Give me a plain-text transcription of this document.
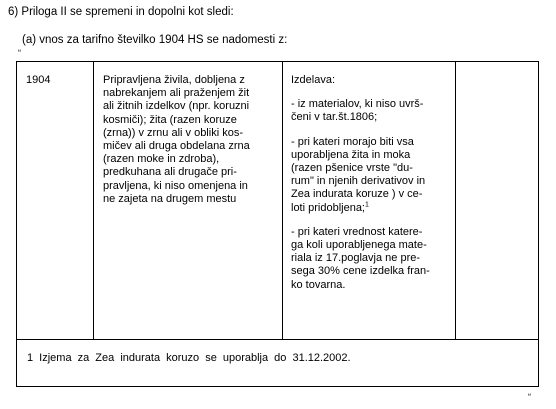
6) Priloga II se spremeni in dopolni kot sledi:
(a) vnos za tarifno številko 1904 HS se nadomesti z:
“
1904	Pripravljena živila, dobljena z
nabrekanjem ali praženjem žit
ali žitnih izdelkov (npr. koruzni
kosmiči); žita (razen koruze
(zrna)) v zrnu ali v obliki kos-
mičev ali druga obdelana zrna
(razen moke in zdroba),
predkuhana ali drugače pri-
pravljena, ki niso omenjena in
ne zajeta na drugem mestu
Izdelava:
- iz materialov, ki niso uvrš-
čeni v tar.št.1806;
- pri kateri morajo biti vsa
uporabljena žita in moka
(razen pšenice vrste "du-
rum" in njenih derivativov in
Zea indurata koruze ) v ce-
loti pridobljena;$^1$
- pri kateri vrednost katere-
ga koli uporabljenega mate-
riala iz 17.poglavja ne pre-
sega 30% cene izdelka fran-
ko tovarna.
1 Izjema za Zea indurata koruzo se uporablja do 31.12.2002.
“
